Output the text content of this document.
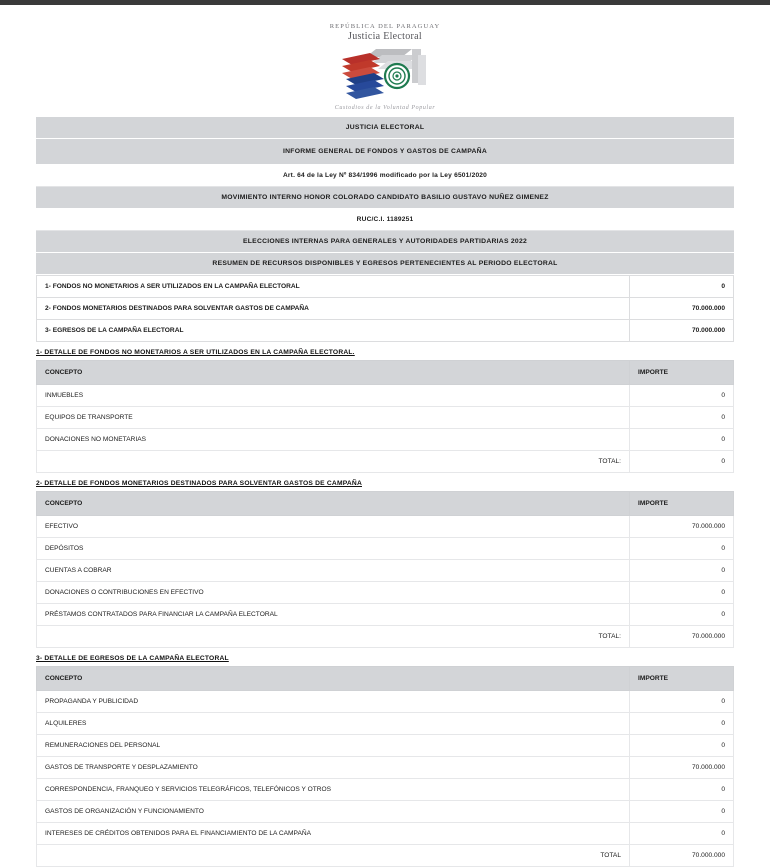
REPÚBLICA DEL PARAGUAY
Justicia Electoral
Custodios de la Voluntad Popular
JUSTICIA ELECTORAL
INFORME GENERAL DE FONDOS Y GASTOS DE CAMPAÑA
Art. 64 de la Ley Nº 834/1996 modificado por la Ley 6501/2020
MOVIMIENTO INTERNO HONOR COLORADO CANDIDATO BASILIO GUSTAVO NUÑEZ GIMENEZ
RUC/C.I. 1189251
ELECCIONES INTERNAS PARA GENERALES Y AUTORIDADES PARTIDARIAS 2022
RESUMEN DE RECURSOS DISPONIBLES Y EGRESOS PERTENECIENTES AL PERIODO ELECTORAL
1- FONDOS NO MONETARIOS A SER UTILIZADOS EN LA CAMPAÑA ELECTORAL	0
2- FONDOS MONETARIOS DESTINADOS PARA SOLVENTAR GASTOS DE CAMPAÑA	70.000.000
3- EGRESOS DE LA CAMPAÑA ELECTORAL	70.000.000
1- DETALLE DE FONDOS NO MONETARIOS A SER UTILIZADOS EN LA CAMPAÑA ELECTORAL.
CONCEPTO	IMPORTE
INMUEBLES	0
EQUIPOS DE TRANSPORTE	0
DONACIONES NO MONETARIAS	0
TOTAL:	0
2- DETALLE DE FONDOS MONETARIOS DESTINADOS PARA SOLVENTAR GASTOS DE CAMPAÑA
CONCEPTO	IMPORTE
EFECTIVO	70.000.000
DEPÓSITOS	0
CUENTAS A COBRAR	0
DONACIONES O CONTRIBUCIONES EN EFECTIVO	0
PRÉSTAMOS CONTRATADOS PARA FINANCIAR LA CAMPAÑA ELECTORAL	0
TOTAL:	70.000.000
3- DETALLE DE EGRESOS DE LA CAMPAÑA ELECTORAL
CONCEPTO	IMPORTE
PROPAGANDA Y PUBLICIDAD	0
ALQUILERES	0
REMUNERACIONES DEL PERSONAL	0
GASTOS DE TRANSPORTE Y DESPLAZAMIENTO	70.000.000
CORRESPONDENCIA, FRANQUEO Y SERVICIOS TELEGRÁFICOS, TELEFÓNICOS Y OTROS	0
GASTOS DE ORGANIZACIÓN Y FUNCIONAMIENTO	0
INTERESES DE CRÉDITOS OBTENIDOS PARA EL FINANCIAMIENTO DE LA CAMPAÑA	0
TOTAL	70.000.000
